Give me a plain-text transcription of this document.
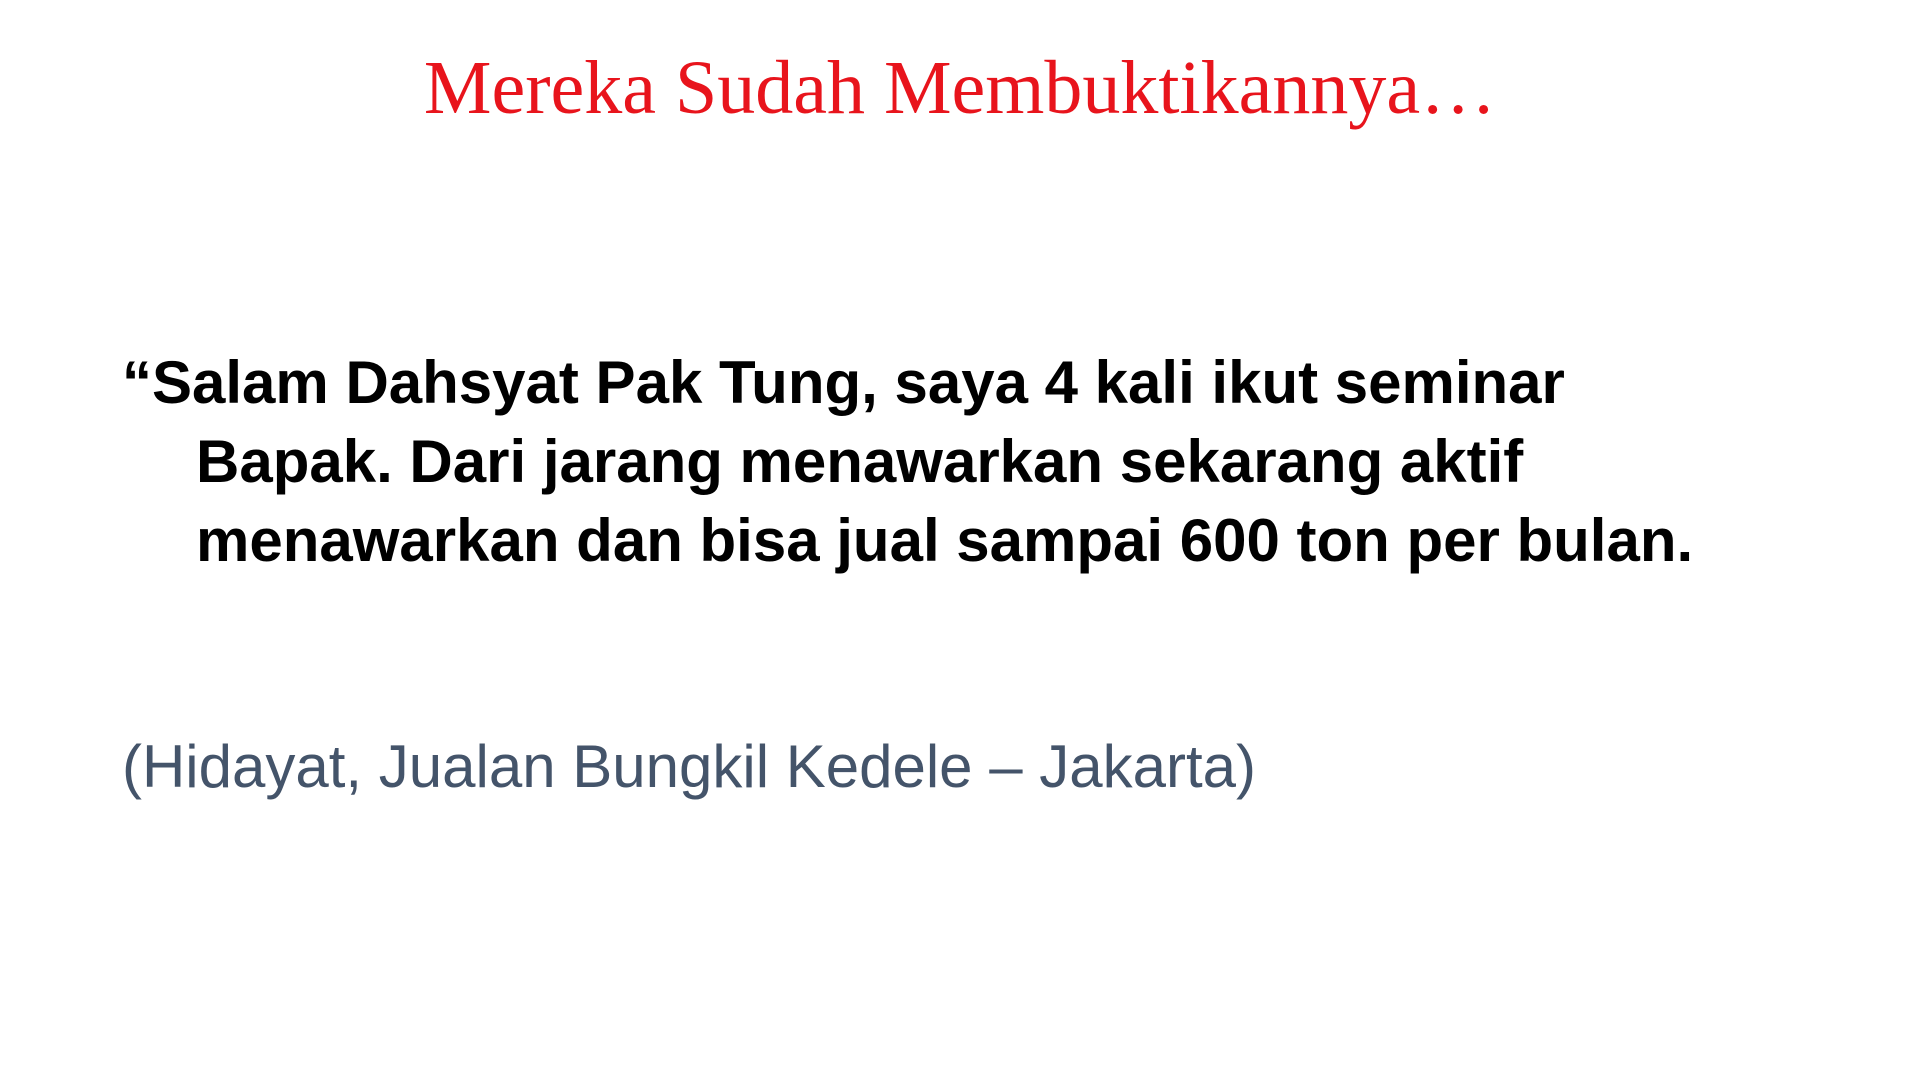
Mereka Sudah Membuktikannya…

“Salam Dahsyat Pak Tung, saya 4 kali ikut seminar
Bapak. Dari jarang menawarkan sekarang aktif
menawarkan dan bisa jual sampai 600 ton per bulan.

(Hidayat, Jualan Bungkil Kedele – Jakarta)
